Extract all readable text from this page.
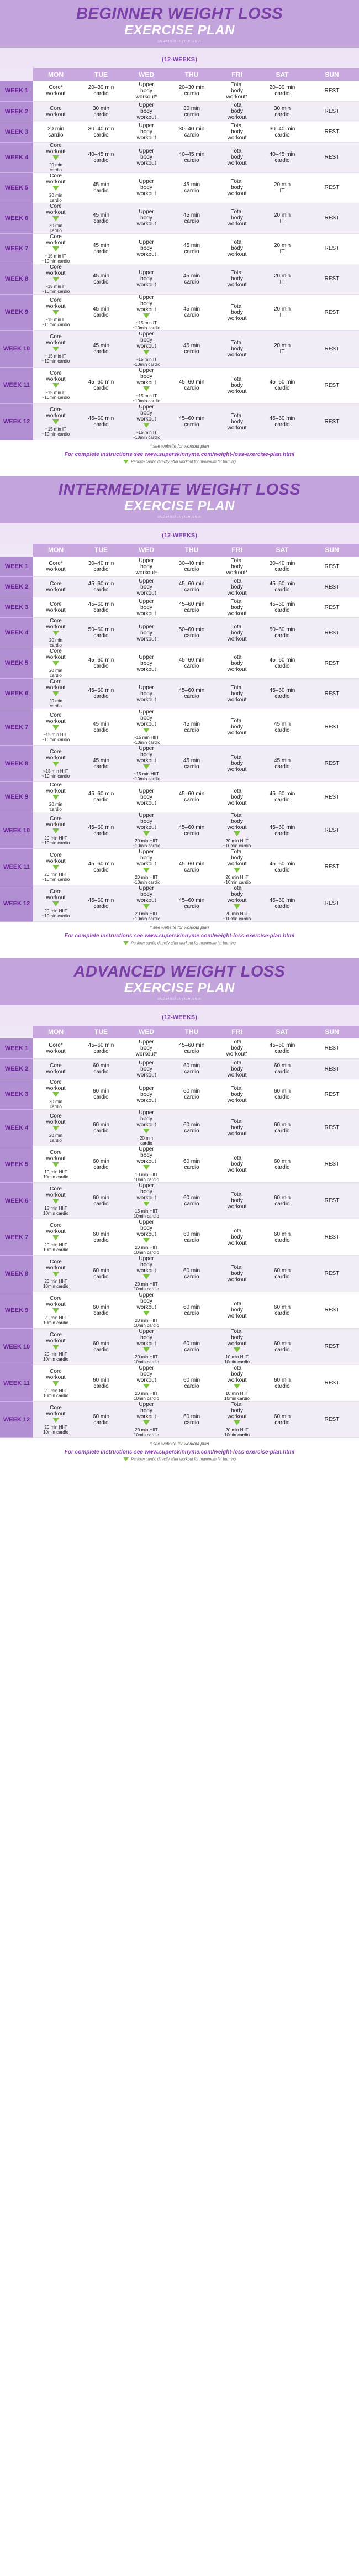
BEGINNER WEIGHT LOSS
EXERCISE PLAN
superskinnyme.com
(12-WEEKS)
	MON	TUE	WED	THU	FRI	SAT	SUN
WEEK 1	Core*
workout	20–30 min
cardio	Upper
body
workout*	20–30 min
cardio	Total
body
workout*	20–30 min
cardio	REST

WEEK 2	Core
workout	30 min
cardio	Upper
body
workout	30 min
cardio	Total
body
workout	30 min
cardio	REST

WEEK 3	20 min
cardio	30–40 min
cardio	Upper
body
workout	30–40 min
cardio	Total
body
workout	30–40 min
cardio	REST

WEEK 4	Core
workout

20 min
cardio	40–45 min
cardio	Upper
body
workout	40–45 min
cardio	Total
body
workout	40–45 min
cardio	REST

WEEK 5	Core
workout

20 min
cardio	45 min
cardio	Upper
body
workout	45 min
cardio	Total
body
workout	20 min
IT	REST

WEEK 6	Core
workout

20 min
cardio	45 min
cardio	Upper
body
workout	45 min
cardio	Total
body
workout	20 min
IT	REST

WEEK 7	Core
workout

~15 min IT
~10min cardio	45 min
cardio	Upper
body
workout	45 min
cardio	Total
body
workout	20 min
IT	REST

WEEK 8	Core
workout

~15 min IT
~10min cardio	45 min
cardio	Upper
body
workout	45 min
cardio	Total
body
workout	20 min
IT	REST

WEEK 9	Core
workout

~15 min IT
~10min cardio	45 min
cardio	Upper
body
workout

~15 min IT
~10min cardio	45 min
cardio	Total
body
workout	20 min
IT	REST

WEEK 10	Core
workout

~15 min IT
~10min cardio	45 min
cardio	Upper
body
workout

~15 min IT
~10min cardio	45 min
cardio	Total
body
workout	20 min
IT	REST

WEEK 11	Core
workout

~15 min IT
~10min cardio	45–60 min
cardio	Upper
body
workout

~15 min IT
~10min cardio	45–60 min
cardio	Total
body
workout	45–60 min
cardio	REST

WEEK 12	Core
workout

~15 min IT
~10min cardio	45–60 min
cardio	Upper
body
workout

~15 min IT
~10min cardio	45–60 min
cardio	Total
body
workout	45–60 min
cardio	REST
* see website for workout plan
For complete instructions see www.superskinnyme.com/weight-loss-exercise-plan.html
Perform cardio directly after workout for maximum fat burning
INTERMEDIATE WEIGHT LOSS
EXERCISE PLAN
superskinnyme.com
(12-WEEKS)
	MON	TUE	WED	THU	FRI	SAT	SUN
WEEK 1	Core*
workout	30–40 min
cardio	Upper
body
workout*	30–40 min
cardio	Total
body
workout*	30–40 min
cardio	REST

WEEK 2	Core
workout	45–60 min
cardio	Upper
body
workout	45–60 min
cardio	Total
body
workout	45–60 min
cardio	REST

WEEK 3	Core
workout	45–60 min
cardio	Upper
body
workout	45–60 min
cardio	Total
body
workout	45–60 min
cardio	REST

WEEK 4	Core
workout

20 min
cardio	50–60 min
cardio	Upper
body
workout	50–60 min
cardio	Total
body
workout	50–60 min
cardio	REST

WEEK 5	Core
workout

20 min
cardio	45–60 min
cardio	Upper
body
workout	45–60 min
cardio	Total
body
workout	45–60 min
cardio	REST

WEEK 6	Core
workout

20 min
cardio	45–60 min
cardio	Upper
body
workout	45–60 min
cardio	Total
body
workout	45–60 min
cardio	REST

WEEK 7	Core
workout

~15 min HIIT
~10min cardio	45 min
cardio	Upper
body
workout

~15 min HIIT
~10min cardio	45 min
cardio	Total
body
workout	45 min
cardio	REST

WEEK 8	Core
workout

~15 min HIIT
~10min cardio	45 min
cardio	Upper
body
workout

~15 min HIIT
~10min cardio	45 min
cardio	Total
body
workout	45 min
cardio	REST

WEEK 9	Core
workout

20 min
cardio	45–60 min
cardio	Upper
body
workout	45–60 min
cardio	Total
body
workout	45–60 min
cardio	REST

WEEK 10	Core
workout

20 min HIIT
~10min cardio	45–60 min
cardio	Upper
body
workout

20 min HIIT
~10min cardio	45–60 min
cardio	Total
body
workout

20 min HIIT
~10min cardio	45–60 min
cardio	REST

WEEK 11	Core
workout

20 min HIIT
~10min cardio	45–60 min
cardio	Upper
body
workout

20 min HIIT
~10min cardio	45–60 min
cardio	Total
body
workout

20 min HIIT
~10min cardio	45–60 min
cardio	REST

WEEK 12	Core
workout

20 min HIIT
~10min cardio	45–60 min
cardio	Upper
body
workout

20 min HIIT
~10min cardio	45–60 min
cardio	Total
body
workout

20 min HIIT
~10min cardio	45–60 min
cardio	REST
* see website for workout plan
For complete instructions see www.superskinnyme.com/weight-loss-exercise-plan.html
Perform cardio directly after workout for maximum fat burning
ADVANCED WEIGHT LOSS
EXERCISE PLAN
superskinnyme.com
(12-WEEKS)
	MON	TUE	WED	THU	FRI	SAT	SUN
WEEK 1	Core*
workout	45–60 min
cardio	Upper
body
workout*	45–60 min
cardio	Total
body
workout*	45–60 min
cardio	REST

WEEK 2	Core
workout	60 min
cardio	Upper
body
workout	60 min
cardio	Total
body
workout	60 min
cardio	REST

WEEK 3	Core
workout

20 min
cardio	60 min
cardio	Upper
body
workout	60 min
cardio	Total
body
workout	60 min
cardio	REST

WEEK 4	Core
workout

20 min
cardio	60 min
cardio	Upper
body
workout

20 min
cardio	60 min
cardio	Total
body
workout	60 min
cardio	REST

WEEK 5	Core
workout

10 min HIIT
10min cardio	60 min
cardio	Upper
body
workout

10 min HIIT
10min cardio	60 min
cardio	Total
body
workout	60 min
cardio	REST

WEEK 6	Core
workout

15 min HIIT
10min cardio	60 min
cardio	Upper
body
workout

15 min HIIT
10min cardio	60 min
cardio	Total
body
workout	60 min
cardio	REST

WEEK 7	Core
workout

20 min HIIT
10min cardio	60 min
cardio	Upper
body
workout

20 min HIIT
10min cardio	60 min
cardio	Total
body
workout	60 min
cardio	REST

WEEK 8	Core
workout

20 min HIIT
10min cardio	60 min
cardio	Upper
body
workout

20 min HIIT
10min cardio	60 min
cardio	Total
body
workout	60 min
cardio	REST

WEEK 9	Core
workout

20 min HIIT
10min cardio	60 min
cardio	Upper
body
workout

20 min HIIT
10min cardio	60 min
cardio	Total
body
workout	60 min
cardio	REST

WEEK 10	Core
workout

20 min HIIT
10min cardio	60 min
cardio	Upper
body
workout

20 min HIIT
10min cardio	60 min
cardio	Total
body
workout

10 min HIIT
10min cardio	60 min
cardio	REST

WEEK 11	Core
workout

20 min HIIT
10min cardio	60 min
cardio	Upper
body
workout

20 min HIIT
10min cardio	60 min
cardio	Total
body
workout

10 min HIIT
10min cardio	60 min
cardio	REST

WEEK 12	Core
workout

20 min HIIT
10min cardio	60 min
cardio	Upper
body
workout

20 min HIIT
10min cardio	60 min
cardio	Total
body
workout

20 min HIIT
10min cardio	60 min
cardio	REST
* see website for workout plan
For complete instructions see www.superskinnyme.com/weight-loss-exercise-plan.html
Perform cardio directly after workout for maximum fat burning
